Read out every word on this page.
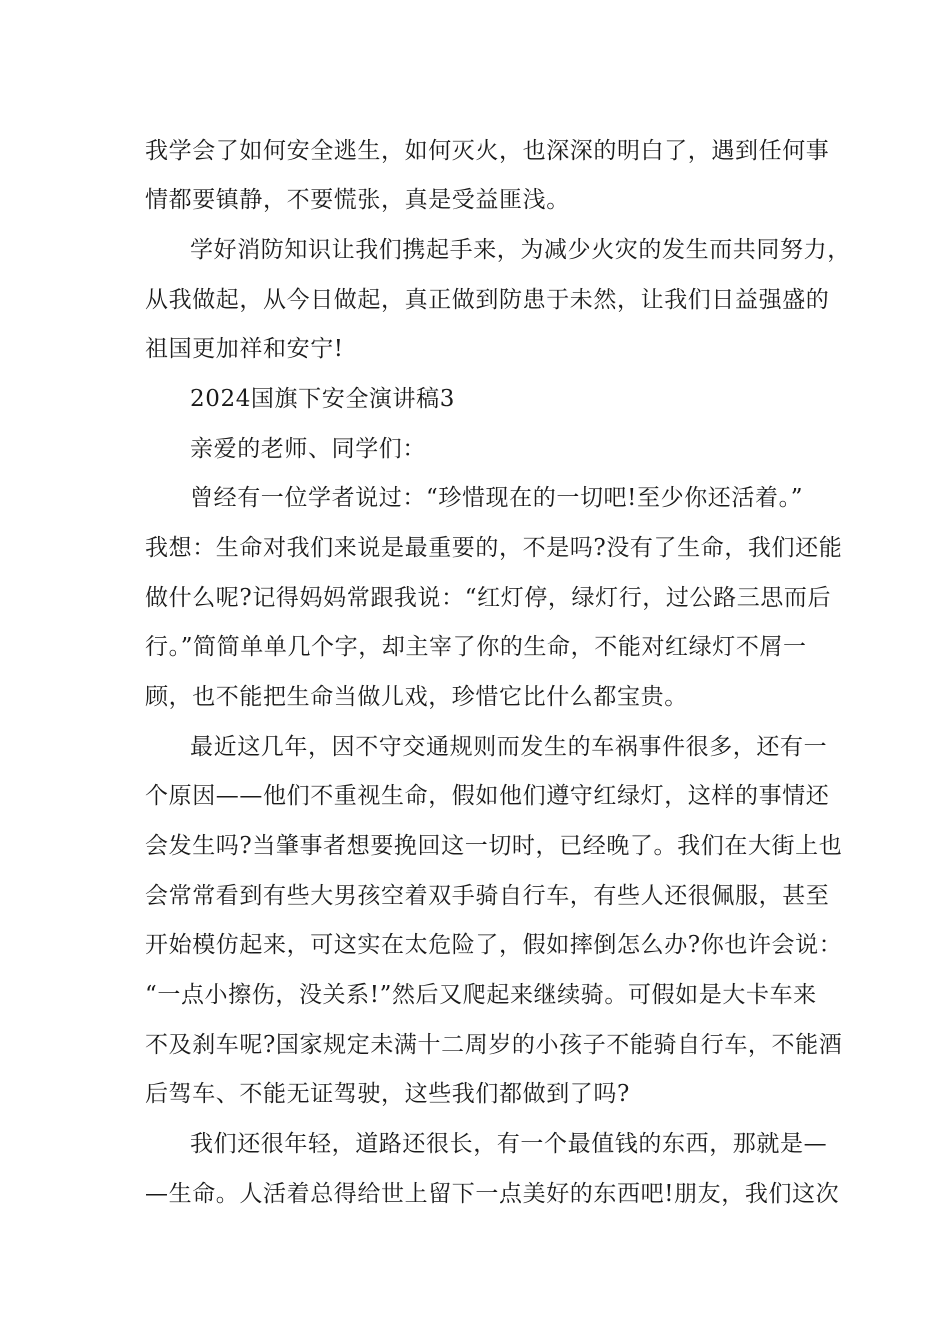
我学会了如何安全逃生，如何灭火，也深深的明白了，遇到任何事
情都要镇静，不要慌张，真是受益匪浅。
学好消防知识让我们携起手来，为减少火灾的发生而共同努力，
从我做起，从今日做起，真正做到防患于未然，让我们日益强盛的
祖国更加祥和安宁!
2024国旗下安全演讲稿3
亲爱的老师、同学们：
曾经有一位学者说过：“珍惜现在的一切吧!至少你还活着。”
我想：生命对我们来说是最重要的，不是吗?没有了生命，我们还能
做什么呢?记得妈妈常跟我说：“红灯停，绿灯行，过公路三思而后
行。”简简单单几个字，却主宰了你的生命，不能对红绿灯不屑一
顾，也不能把生命当做儿戏，珍惜它比什么都宝贵。
最近这几年，因不守交通规则而发生的车祸事件很多，还有一
个原因——他们不重视生命，假如他们遵守红绿灯，这样的事情还
会发生吗?当肇事者想要挽回这一切时，已经晚了。我们在大街上也
会常常看到有些大男孩空着双手骑自行车，有些人还很佩服，甚至
开始模仿起来，可这实在太危险了，假如摔倒怎么办?你也许会说：
“一点小擦伤，没关系!”然后又爬起来继续骑。可假如是大卡车来
不及刹车呢?国家规定未满十二周岁的小孩子不能骑自行车，不能酒
后驾车、不能无证驾驶，这些我们都做到了吗?
我们还很年轻，道路还很长，有一个最值钱的东西，那就是—
—生命。人活着总得给世上留下一点美好的东西吧!朋友，我们这次
